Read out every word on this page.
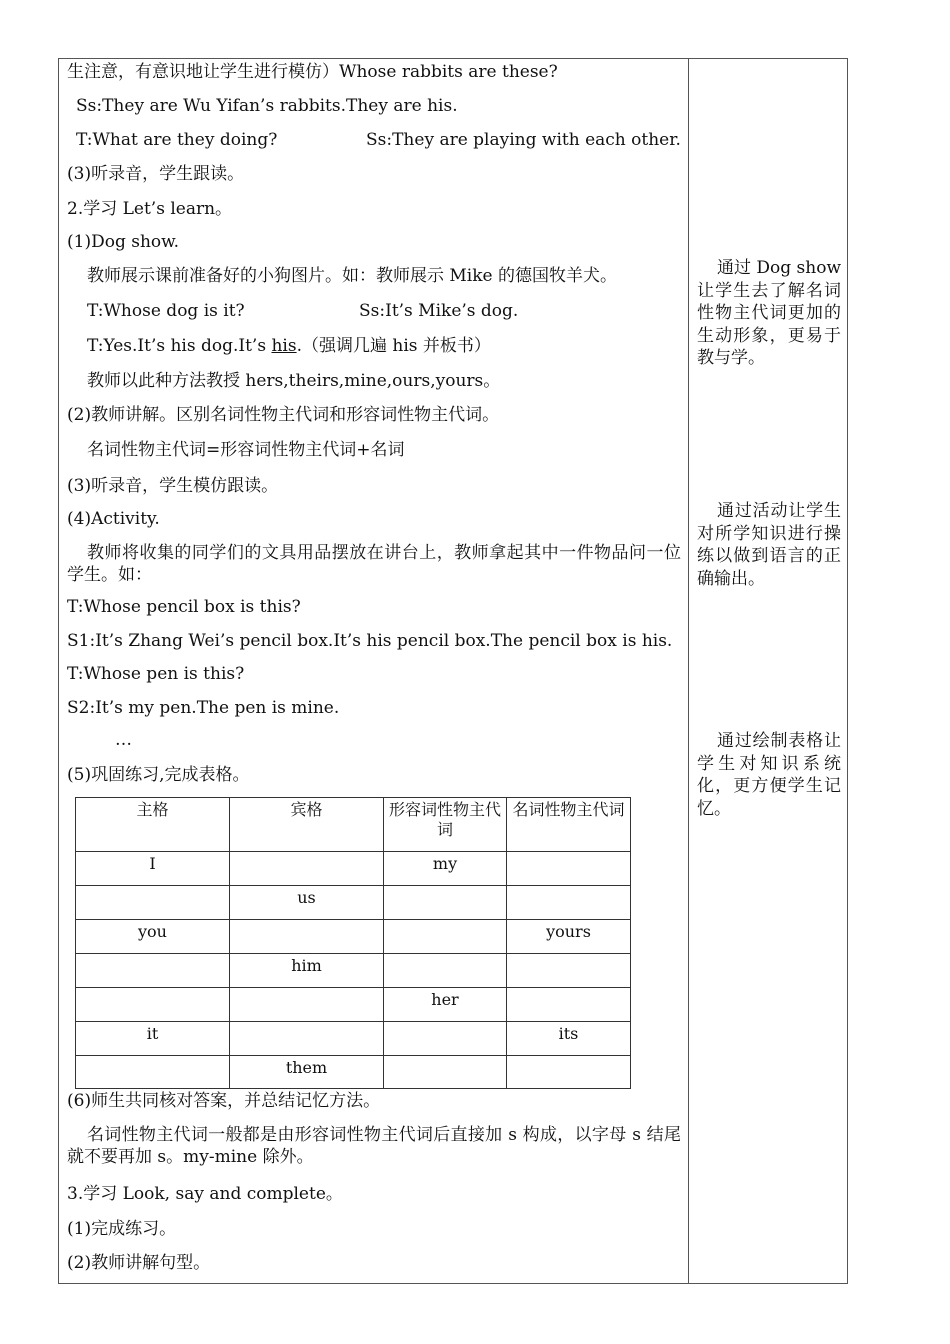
生注意，有意识地让学生进行模仿）Whose rabbits are these?
Ss:They are Wu Yifan’s rabbits.They are his.
T:What are they doing?	Ss:They are playing with each other.
(3)听录音，学生跟读。
2.学习 Let’s learn。
(1)Dog show.
教师展示课前准备好的小狗图片。如：教师展示 Mike 的德国牧羊犬。
T:Whose dog is it?	Ss:It’s Mike’s dog.
T:Yes.It’s his dog.It’s his.（强调几遍 his 并板书）
教师以此种方法教授 hers,theirs,mine,ours,yours。
(2)教师讲解。区别名词性物主代词和形容词性物主代词。
名词性物主代词=形容词性物主代词+名词
(3)听录音，学生模仿跟读。
(4)Activity.
教师将收集的同学们的文具用品摆放在讲台上，教师拿起其中一件物品问一位学生。如：
T:Whose pencil box is this?
S1:It’s Zhang Wei’s pencil box.It’s his pencil box.The pencil box is his.
T:Whose pen is this?
S2:It’s my pen.The pen is mine.
…
(5)巩固练习,完成表格。
主格	宾格	形容词性物主代词	名词性物主代词
I		my	
	us		
you			yours
	him		
		her	
it			its
	them		
(6)师生共同核对答案，并总结记忆方法。
名词性物主代词一般都是由形容词性物主代词后直接加 s 构成，以字母 s 结尾就不要再加 s。my-mine 除外。
3.学习 Look, say and complete。
(1)完成练习。
(2)教师讲解句型。
通过 Dog show 让学生去了解名词性物主代词更加的生动形象，更易于教与学。
通过活动让学生对所学知识进行操练以做到语言的正确输出。
通过绘制表格让学生对知识系统化，更方便学生记忆。
